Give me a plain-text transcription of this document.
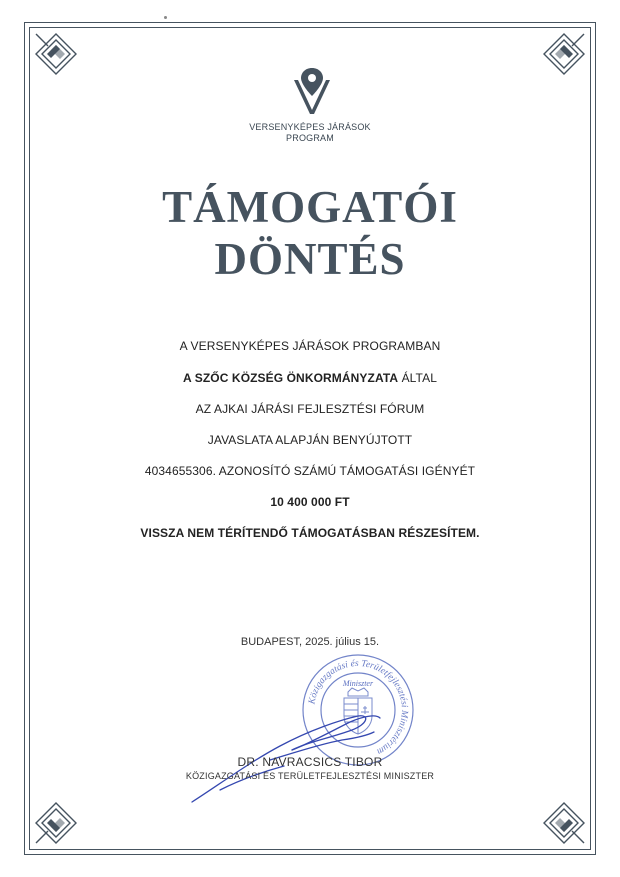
VERSENYKÉPES JÁRÁSOK
PROGRAM
TÁMOGATÓI
DÖNTÉS
A VERSENYKÉPES JÁRÁSOK PROGRAMBAN
A SZŐC KÖZSÉG ÖNKORMÁNYZATA ÁLTAL
AZ AJKAI JÁRÁSI FEJLESZTÉSI FÓRUM
JAVASLATA ALAPJÁN BENYÚJTOTT
4034655306. AZONOSÍTÓ SZÁMÚ TÁMOGATÁSI IGÉNYÉT
10 400 000 FT
VISSZA NEM TÉRÍTENDŐ TÁMOGATÁSBAN RÉSZESÍTEM.
BUDAPEST, 2025. július 15.
Közigazgatási és Területfejlesztési Minisztérium
Miniszter
DR. NAVRACSICS TIBOR
KÖZIGAZGATÁSI ÉS TERÜLETFEJLESZTÉSI MINISZTER
